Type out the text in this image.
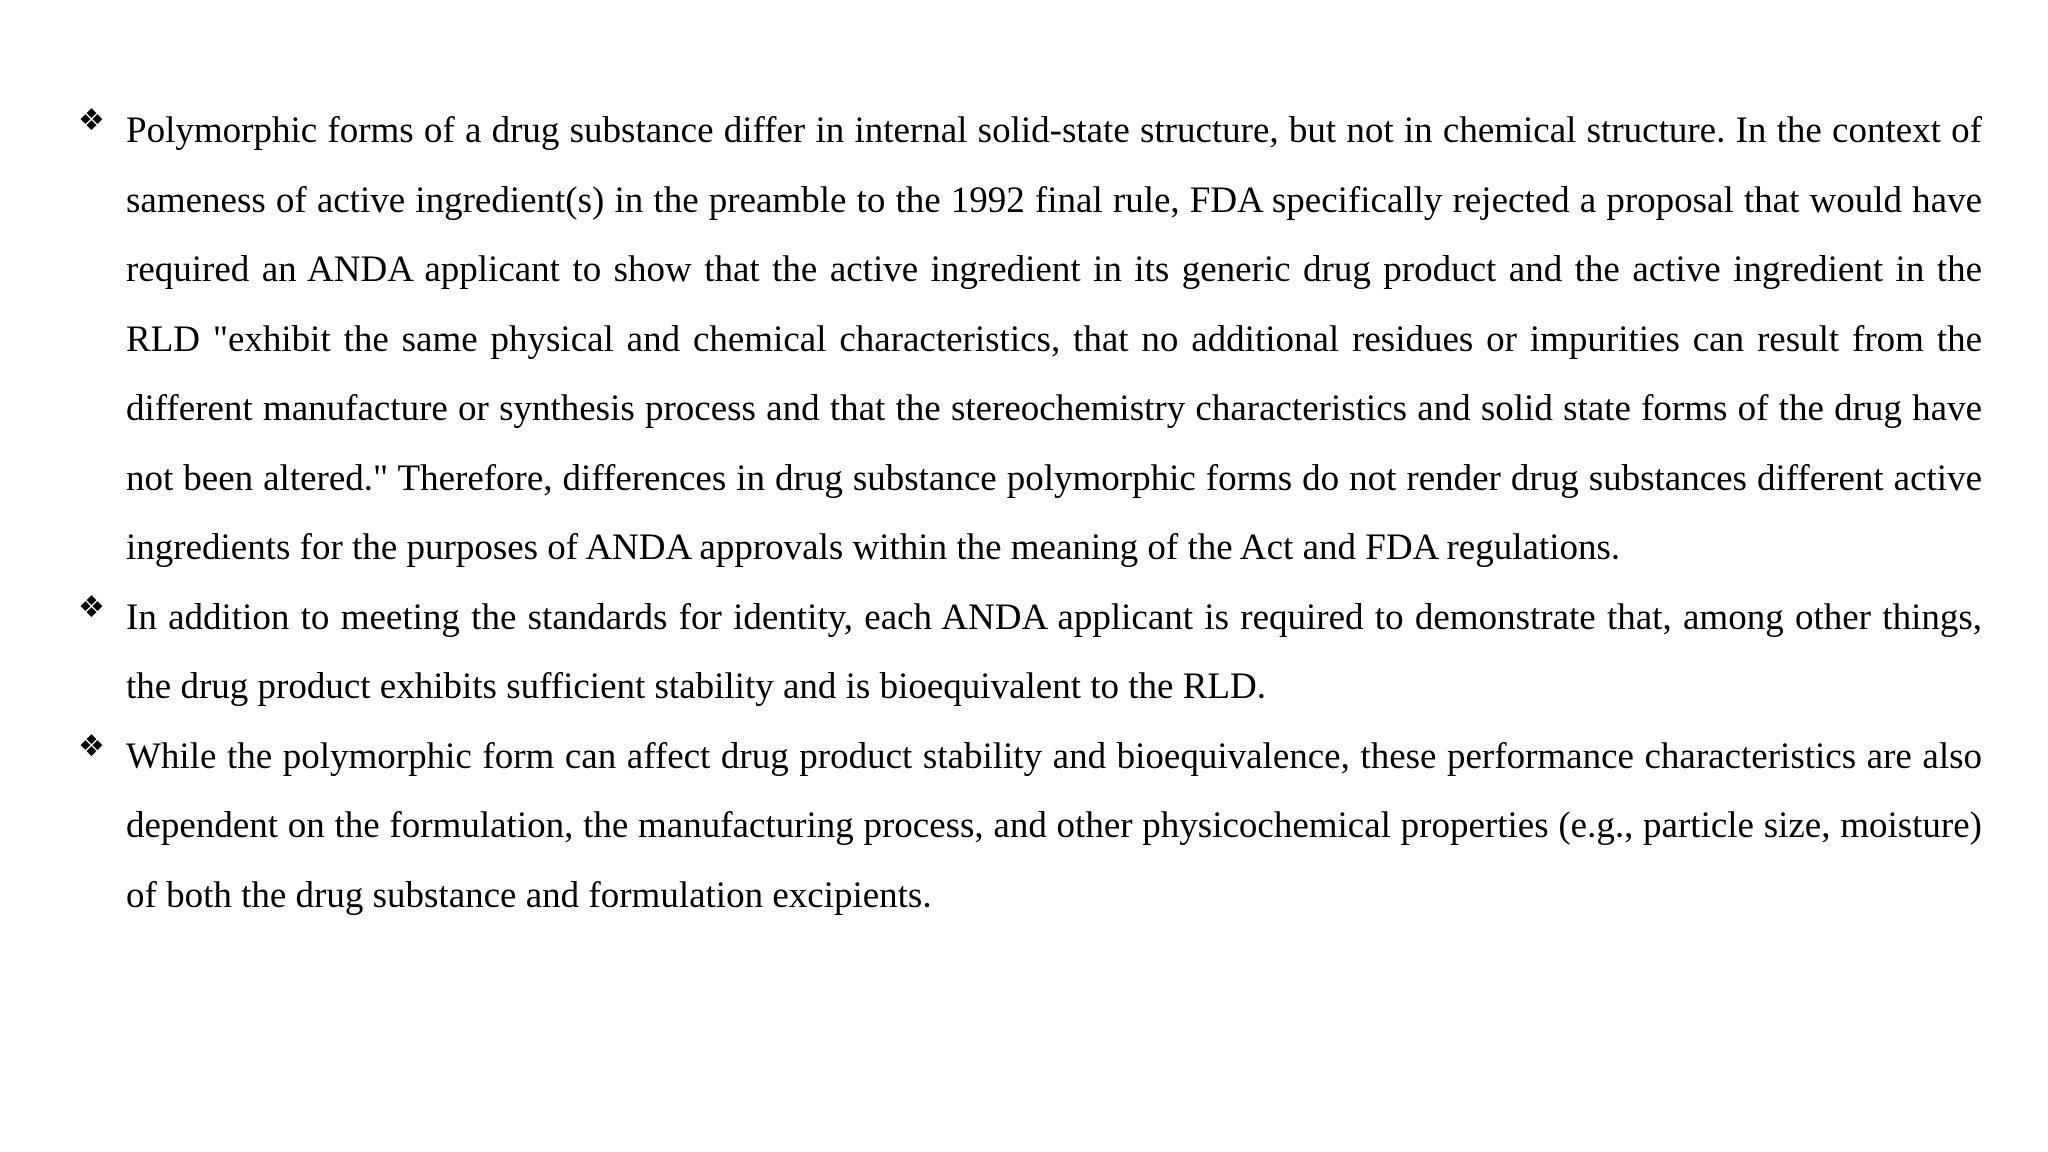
❖ Polymorphic forms of a drug substance differ in internal solid-state structure, but not in chemical structure. In the context of sameness of active ingredient(s) in the preamble to the 1992 final rule, FDA specifically rejected a proposal that would have required an ANDA applicant to show that the active ingredient in its generic drug product and the active ingredient in the RLD "exhibit the same physical and chemical characteristics, that no additional residues or impurities can result from the different manufacture or synthesis process and that the stereochemistry characteristics and solid state forms of the drug have not been altered." Therefore, differences in drug substance polymorphic forms do not render drug substances different active ingredients for the purposes of ANDA approvals within the meaning of the Act and FDA regulations.
❖ In addition to meeting the standards for identity, each ANDA applicant is required to demonstrate that, among other things, the drug product exhibits sufficient stability and is bioequivalent to the RLD.
❖ While the polymorphic form can affect drug product stability and bioequivalence, these performance characteristics are also dependent on the formulation, the manufacturing process, and other physicochemical properties (e.g., particle size, moisture) of both the drug substance and formulation excipients.
